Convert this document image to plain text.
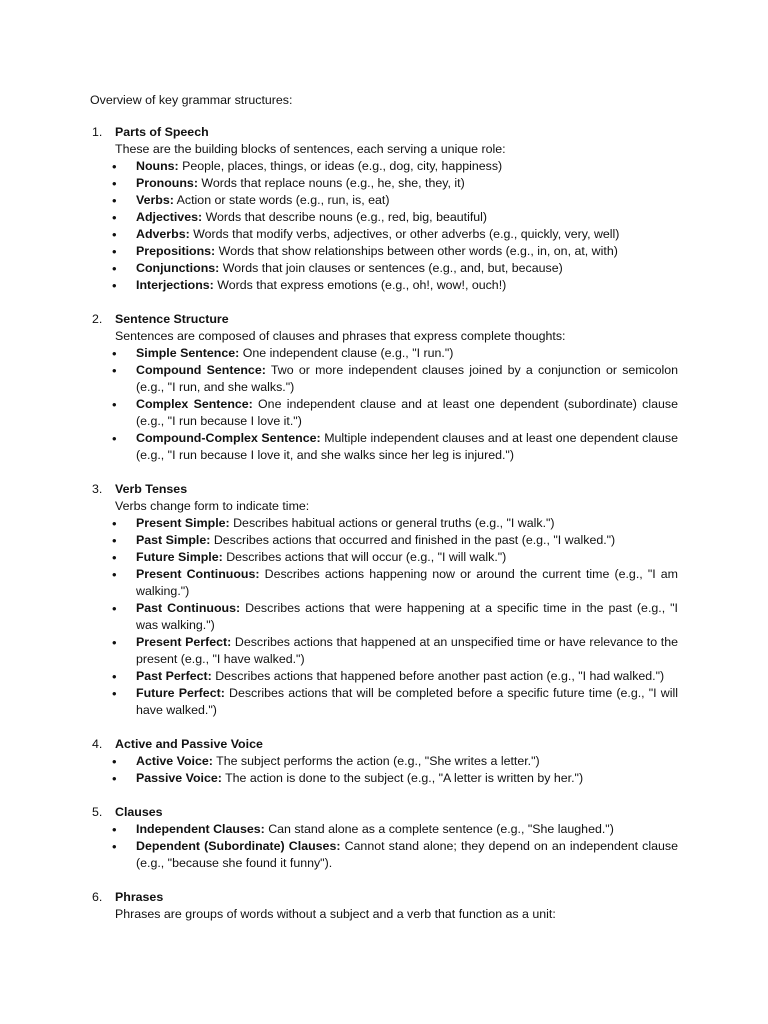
Overview of key grammar structures:

1. Parts of Speech
These are the building blocks of sentences, each serving a unique role:
• Nouns: People, places, things, or ideas (e.g., dog, city, happiness)
• Pronouns: Words that replace nouns (e.g., he, she, they, it)
• Verbs: Action or state words (e.g., run, is, eat)
• Adjectives: Words that describe nouns (e.g., red, big, beautiful)
• Adverbs: Words that modify verbs, adjectives, or other adverbs (e.g., quickly, very, well)
• Prepositions: Words that show relationships between other words (e.g., in, on, at, with)
• Conjunctions: Words that join clauses or sentences (e.g., and, but, because)
• Interjections: Words that express emotions (e.g., oh!, wow!, ouch!)
2. Sentence Structure
Sentences are composed of clauses and phrases that express complete thoughts:
• Simple Sentence: One independent clause (e.g., "I run.")
• Compound Sentence: Two or more independent clauses joined by a conjunction or semicolon (e.g., "I run, and she walks.")
• Complex Sentence: One independent clause and at least one dependent (subordinate) clause (e.g., "I run because I love it.")
• Compound-Complex Sentence: Multiple independent clauses and at least one dependent clause (e.g., "I run because I love it, and she walks since her leg is injured.")
3. Verb Tenses
Verbs change form to indicate time:
• Present Simple: Describes habitual actions or general truths (e.g., "I walk.")
• Past Simple: Describes actions that occurred and finished in the past (e.g., "I walked.")
• Future Simple: Describes actions that will occur (e.g., "I will walk.")
• Present Continuous: Describes actions happening now or around the current time (e.g., "I am walking.")
• Past Continuous: Describes actions that were happening at a specific time in the past (e.g., "I was walking.")
• Present Perfect: Describes actions that happened at an unspecified time or have relevance to the present (e.g., "I have walked.")
• Past Perfect: Describes actions that happened before another past action (e.g., "I had walked.")
• Future Perfect: Describes actions that will be completed before a specific future time (e.g., "I will have walked.")
4. Active and Passive Voice
• Active Voice: The subject performs the action (e.g., "She writes a letter.")
• Passive Voice: The action is done to the subject (e.g., "A letter is written by her.")
5. Clauses
• Independent Clauses: Can stand alone as a complete sentence (e.g., "She laughed.")
• Dependent (Subordinate) Clauses: Cannot stand alone; they depend on an independent clause (e.g., "because she found it funny").
6. Phrases
Phrases are groups of words without a subject and a verb that function as a unit:
